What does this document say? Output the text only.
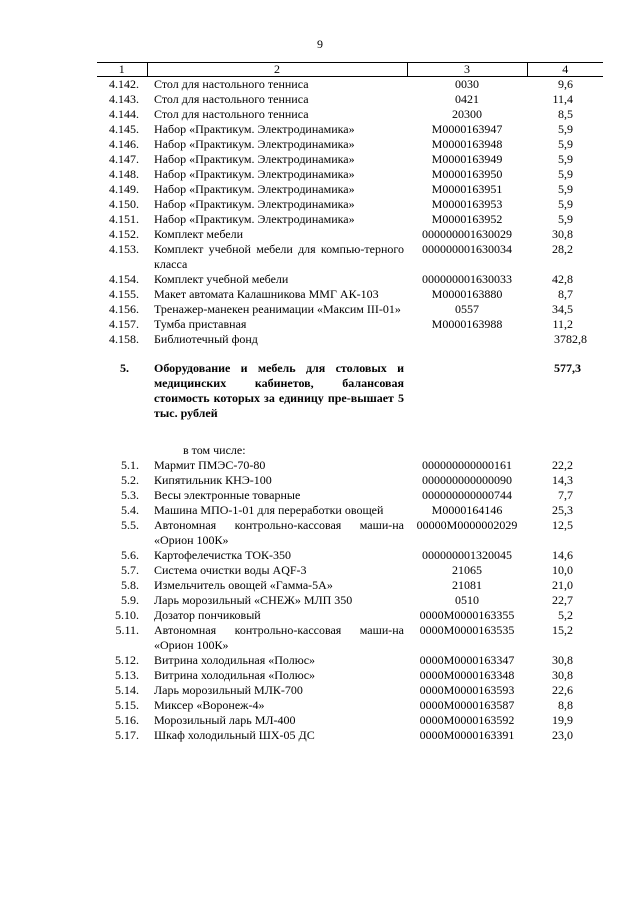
9
1	2	3	4
4.142.	Стол для настольного тенниса	0030	9,6
4.143.	Стол для настольного тенниса	0421	11,4
4.144.	Стол для настольного тенниса	20300	8,5
4.145.	Набор «Практикум. Электродинамика»	М0000163947	5,9
4.146.	Набор «Практикум. Электродинамика»	М0000163948	5,9
4.147.	Набор «Практикум. Электродинамика»	М0000163949	5,9
4.148.	Набор «Практикум. Электродинамика»	М0000163950	5,9
4.149.	Набор «Практикум. Электродинамика»	М0000163951	5,9
4.150.	Набор «Практикум. Электродинамика»	М0000163953	5,9
4.151.	Набор «Практикум. Электродинамика»	М0000163952	5,9
4.152.	Комплект мебели	000000001630029	30,8
4.153.	Комплект учебной мебели для компью-терного класса	000000001630034	28,2
4.154.	Комплект учебной мебели	000000001630033	42,8
4.155.	Макет автомата Калашникова ММГ АК-103	М0000163880	8,7
4.156.	Тренажер-манекен реанимации «Максим III-01»	0557	34,5
4.157.	Тумба приставная	М0000163988	11,2
4.158.	Библиотечный фонд		3782,8

5.	Оборудование и мебель для столовых и медицинских кабинетов, балансовая стоимость которых за единицу пре-вышает 5 тыс. рублей		577,3

	в том числе:		
5.1.	Мармит ПМЭС-70-80	000000000000161	22,2
5.2.	Кипятильник КНЭ-100	000000000000090	14,3
5.3.	Весы электронные товарные	000000000000744	7,7
5.4.	Машина МПО-1-01 для переработки овощей	М0000164146	25,3
5.5.	Автономная контрольно-кассовая маши-на «Орион 100К»	00000М0000002029	12,5
5.6.	Картофелечистка ТОК-350	000000001320045	14,6
5.7.	Система очистки воды AQF-3	21065	10,0
5.8.	Измельчитель овощей «Гамма-5А»	21081	21,0
5.9.	Ларь морозильный «СНЕЖ» МЛП 350	0510	22,7
5.10.	Дозатор пончиковый	0000М0000163355	5,2
5.11.	Автономная контрольно-кассовая маши-на «Орион 100К»	0000М0000163535	15,2
5.12.	Витрина холодильная «Полюс»	0000М0000163347	30,8
5.13.	Витрина холодильная «Полюс»	0000М0000163348	30,8
5.14.	Ларь морозильный МЛК-700	0000М0000163593	22,6
5.15.	Миксер «Воронеж-4»	0000М0000163587	8,8
5.16.	Морозильный ларь МЛ-400	0000М0000163592	19,9
5.17.	Шкаф холодильный ШХ-05 ДС	0000М0000163391	23,0
